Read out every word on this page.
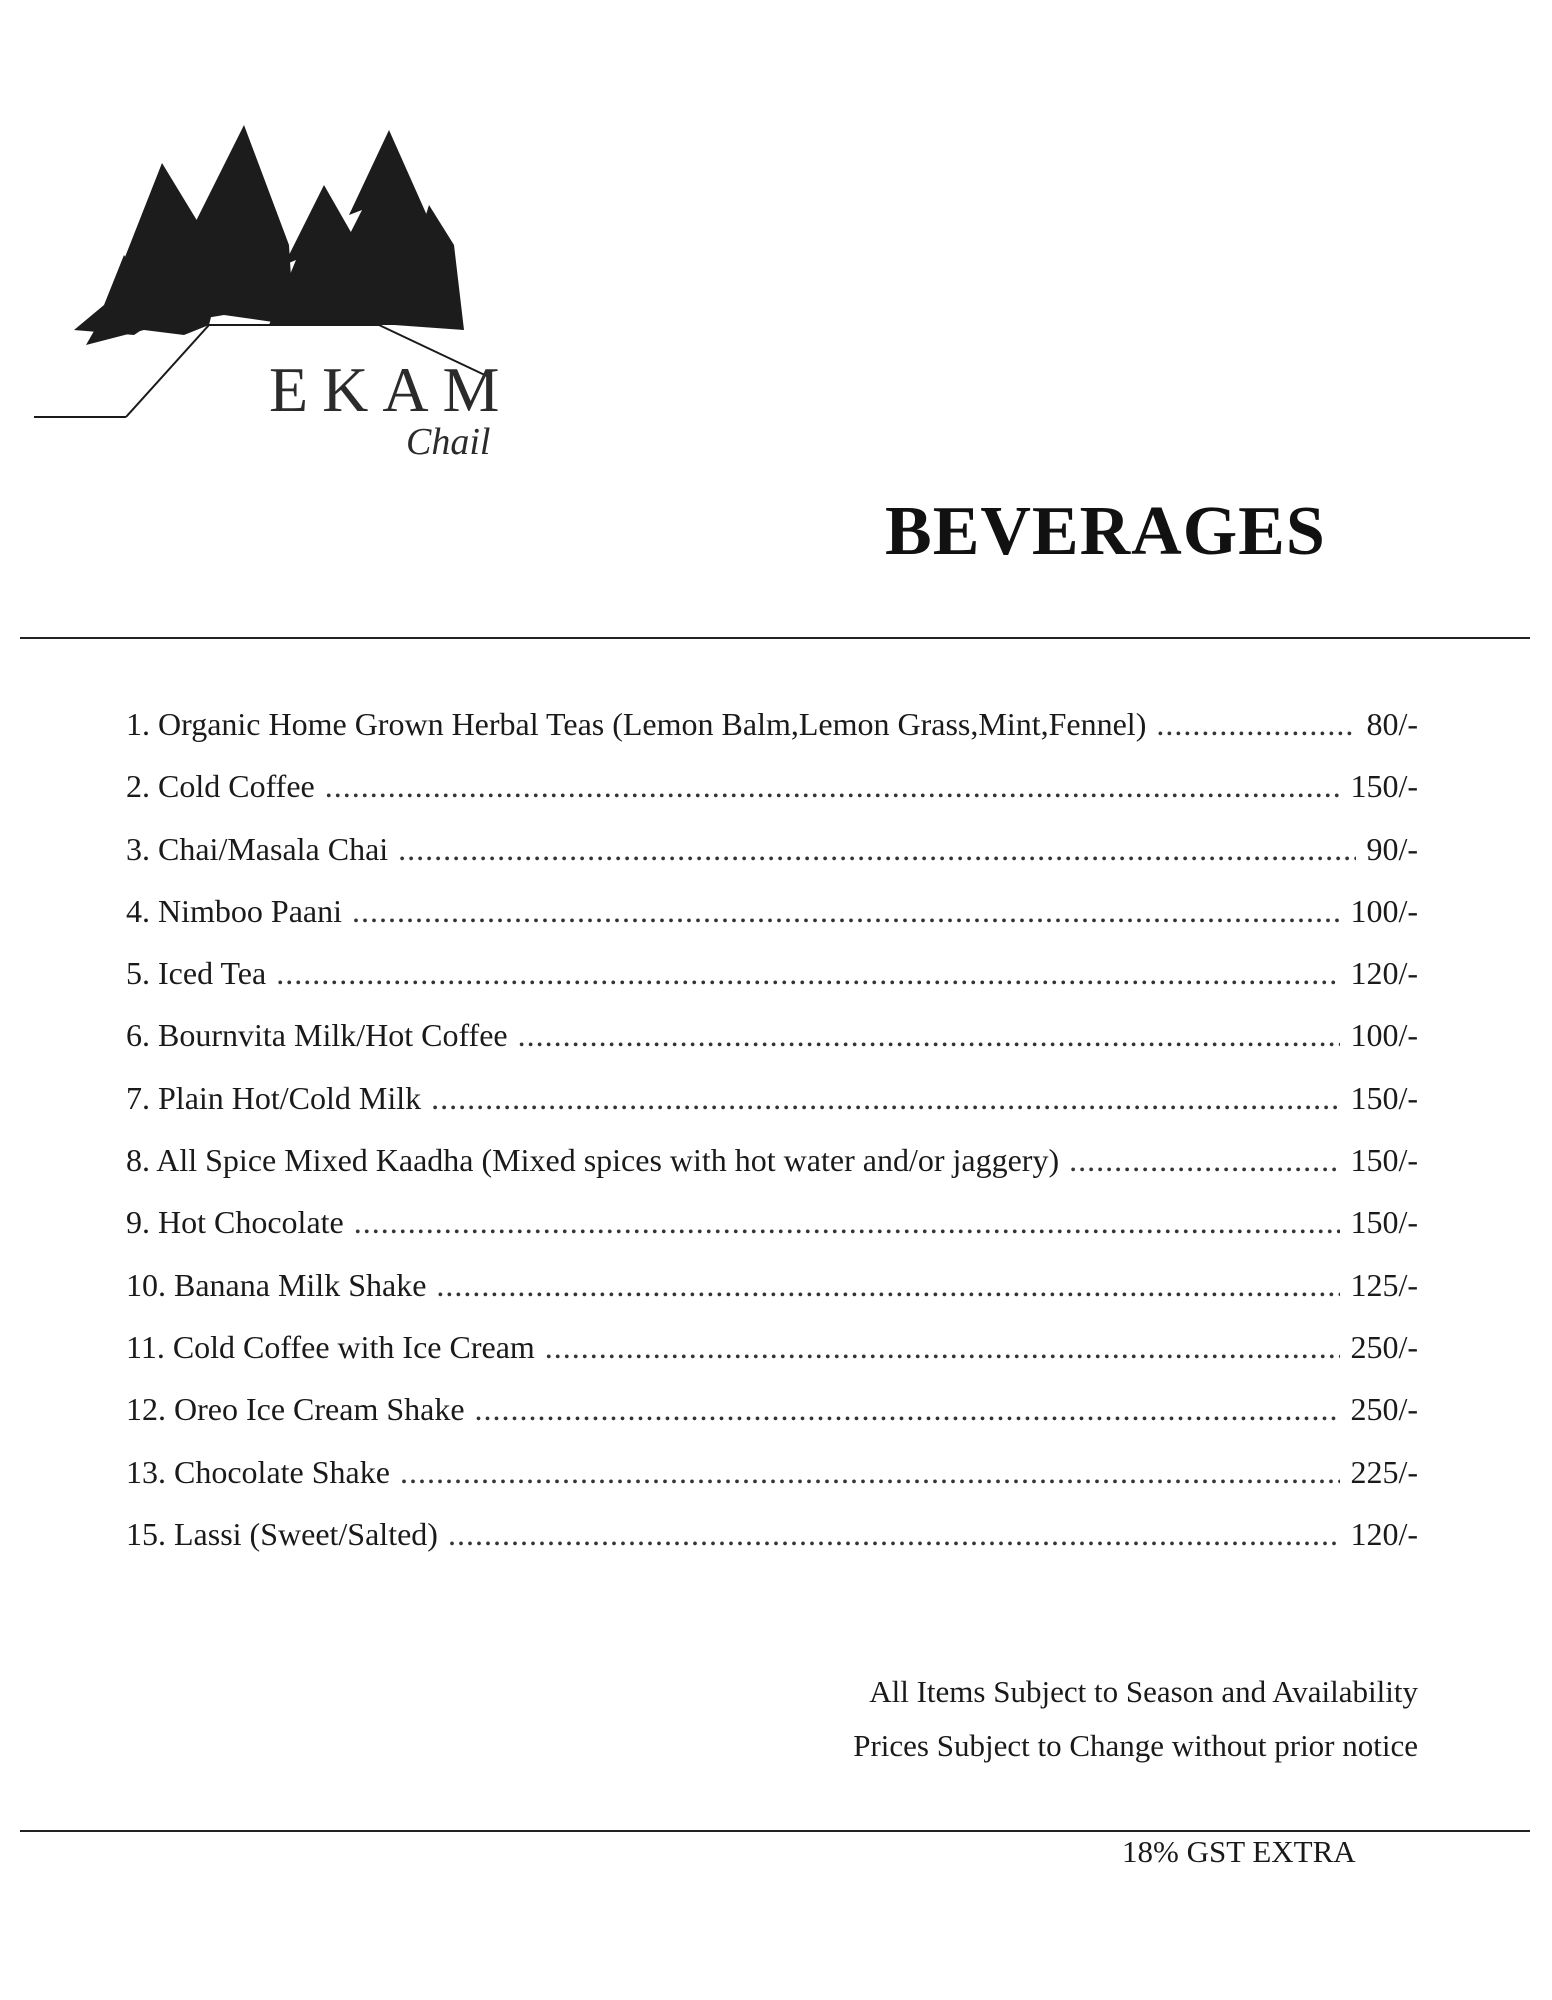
EKAM
Chail
BEVERAGES
1. Organic Home Grown Herbal Teas (Lemon Balm,Lemon Grass,Mint,Fennel) .....	80/-
2. Cold Coffee .....	150/-
3. Chai/Masala Chai .....	90/-
4. Nimboo Paani .....	100/-
5. Iced Tea .....	120/-
6. Bournvita Milk/Hot Coffee .....	100/-
7. Plain Hot/Cold Milk .....	150/-
8. All Spice Mixed Kaadha (Mixed spices with hot water and/or jaggery) .....	150/-
9. Hot Chocolate .....	150/-
10. Banana Milk Shake .....	125/-
11. Cold Coffee with Ice Cream .....	250/-
12. Oreo Ice Cream Shake .....	250/-
13. Chocolate Shake .....	225/-
15. Lassi (Sweet/Salted) .....	120/-
All Items Subject to Season and Availability
Prices Subject to Change without prior notice
18% GST EXTRA
